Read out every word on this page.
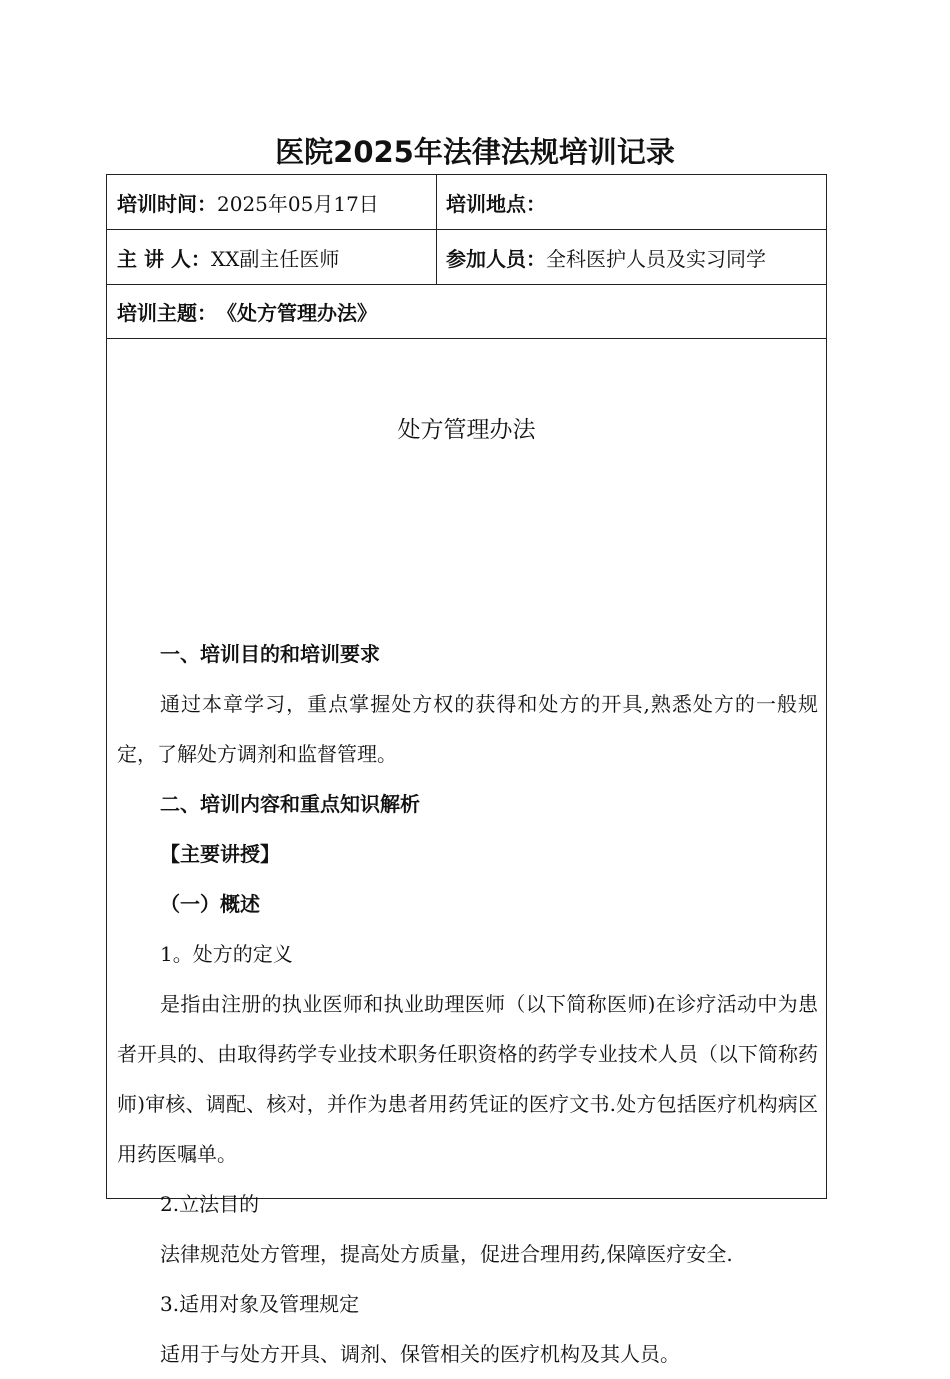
医院2025年法律法规培训记录
培训时间： 2025年05月17日	培训地点：
主 讲 人： XX副主任医师	参加人员： 全科医护人员及实习同学
培训主题： 《处方管理办法》
处方管理办法
一、培训目的和培训要求
通过本章学习，重点掌握处方权的获得和处方的开具,熟悉处方的一般规定，了解处方调剂和监督管理。
二、培训内容和重点知识解析
【主要讲授】
（一）概述
1。处方的定义
是指由注册的执业医师和执业助理医师（以下简称医师)在诊疗活动中为患者开具的、由取得药学专业技术职务任职资格的药学专业技术人员（以下简称药师)审核、调配、核对，并作为患者用药凭证的医疗文书.处方包括医疗机构病区用药医嘱单。
2.立法目的
法律规范处方管理，提高处方质量，促进合理用药,保障医疗安全.
3.适用对象及管理规定
适用于与处方开具、调剂、保管相关的医疗机构及其人员。
